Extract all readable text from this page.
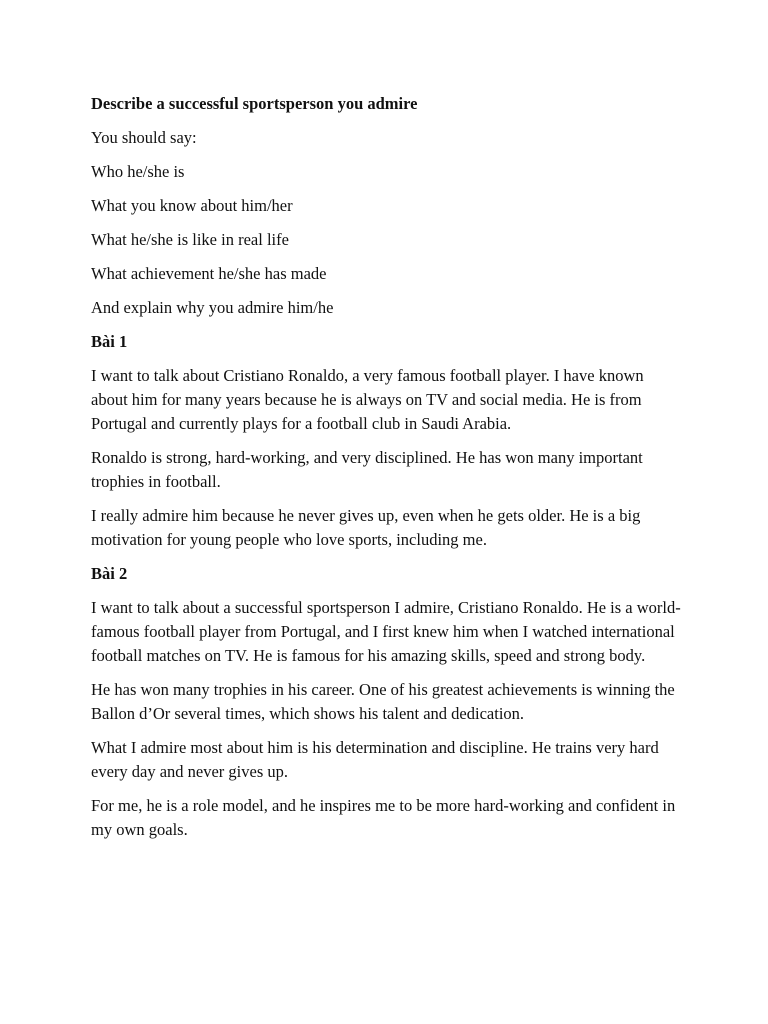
Describe a successful sportsperson you admire

You should say:

Who he/she is

What you know about him/her

What he/she is like in real life

What achievement he/she has made

And explain why you admire him/he

Bài 1

I want to talk about Cristiano Ronaldo, a very famous football player. I have known about him for many years because he is always on TV and social media. He is from Portugal and currently plays for a football club in Saudi Arabia.

Ronaldo is strong, hard-working, and very disciplined. He has won many important trophies in football.

I really admire him because he never gives up, even when he gets older. He is a big motivation for young people who love sports, including me.

Bài 2

I want to talk about a successful sportsperson I admire, Cristiano Ronaldo. He is a world-famous football player from Portugal, and I first knew him when I watched international football matches on TV. He is famous for his amazing skills, speed and strong body.

He has won many trophies in his career. One of his greatest achievements is winning the Ballon d’Or several times, which shows his talent and dedication.

What I admire most about him is his determination and discipline. He trains very hard every day and never gives up.

For me, he is a role model, and he inspires me to be more hard-working and confident in my own goals.
